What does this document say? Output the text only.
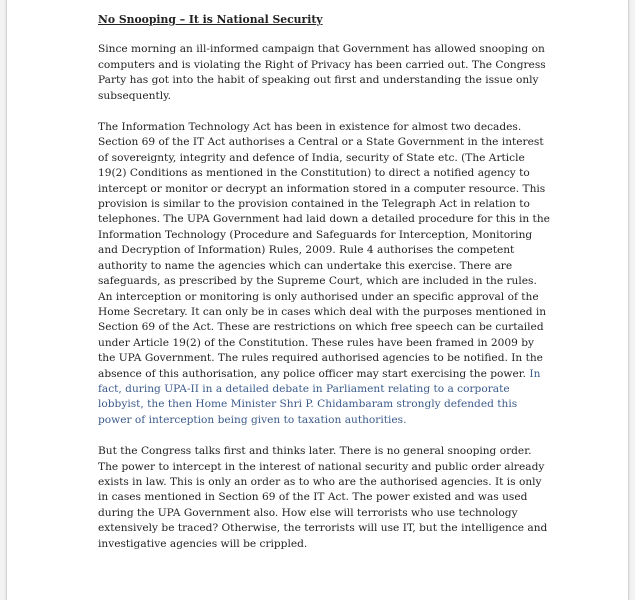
No Snooping – It is National Security

Since morning an ill-informed campaign that Government has allowed snooping on computers and is violating the Right of Privacy has been carried out. The Congress Party has got into the habit of speaking out first and understanding the issue only subsequently.

The Information Technology Act has been in existence for almost two decades. Section 69 of the IT Act authorises a Central or a State Government in the interest of sovereignty, integrity and defence of India, security of State etc. (The Article 19(2) Conditions as mentioned in the Constitution) to direct a notified agency to intercept or monitor or decrypt an information stored in a computer resource. This provision is similar to the provision contained in the Telegraph Act in relation to telephones. The UPA Government had laid down a detailed procedure for this in the Information Technology (Procedure and Safeguards for Interception, Monitoring and Decryption of Information) Rules, 2009. Rule 4 authorises the competent authority to name the agencies which can undertake this exercise. There are safeguards, as prescribed by the Supreme Court, which are included in the rules. An interception or monitoring is only authorised under an specific approval of the Home Secretary. It can only be in cases which deal with the purposes mentioned in Section 69 of the Act. These are restrictions on which free speech can be curtailed under Article 19(2) of the Constitution. These rules have been framed in 2009 by the UPA Government. The rules required authorised agencies to be notified. In the absence of this authorisation, any police officer may start exercising the power. In fact, during UPA-II in a detailed debate in Parliament relating to a corporate lobbyist, the then Home Minister Shri P. Chidambaram strongly defended this power of interception being given to taxation authorities.

But the Congress talks first and thinks later. There is no general snooping order. The power to intercept in the interest of national security and public order already exists in law. This is only an order as to who are the authorised agencies. It is only in cases mentioned in Section 69 of the IT Act. The power existed and was used during the UPA Government also. How else will terrorists who use technology extensively be traced? Otherwise, the terrorists will use IT, but the intelligence and investigative agencies will be crippled.
